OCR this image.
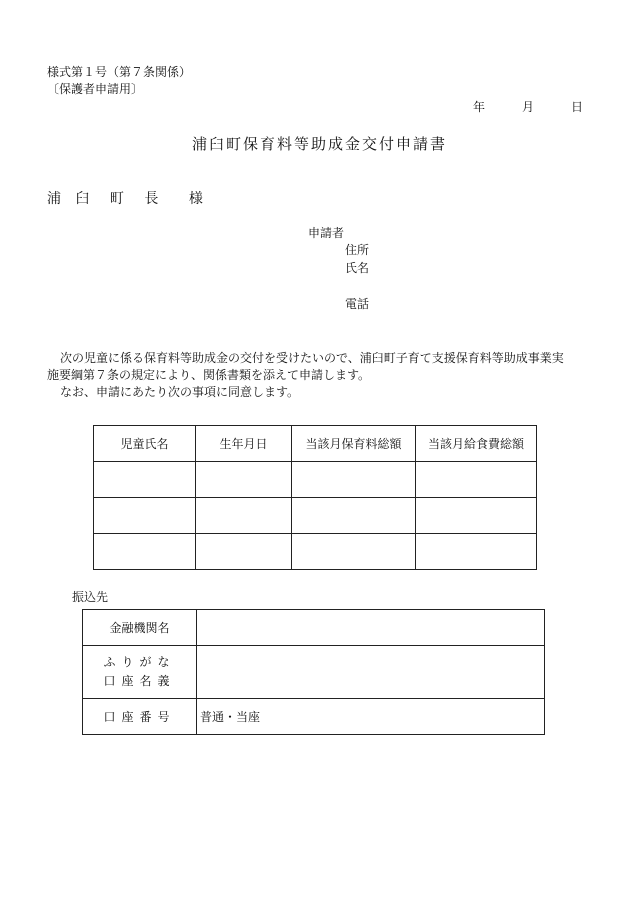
様式第１号（第７条関係）
〔保護者申請用〕
年	月	日
浦臼町保育料等助成金交付申請書
浦 臼 町 長 様
申請者
住所
氏名
電話
次の児童に係る保育料等助成金の交付を受けたいので、浦臼町子育て支援保育料等助成事業実
施要綱第７条の規定により、関係書類を添えて申請します。
なお、申請にあたり次の事項に同意します。
児童氏名	生年月日	当該月保育料総額	当該月給食費総額

振込先
金融機関名	

ふりがな
口座名義	

口座番号	普通・当座
